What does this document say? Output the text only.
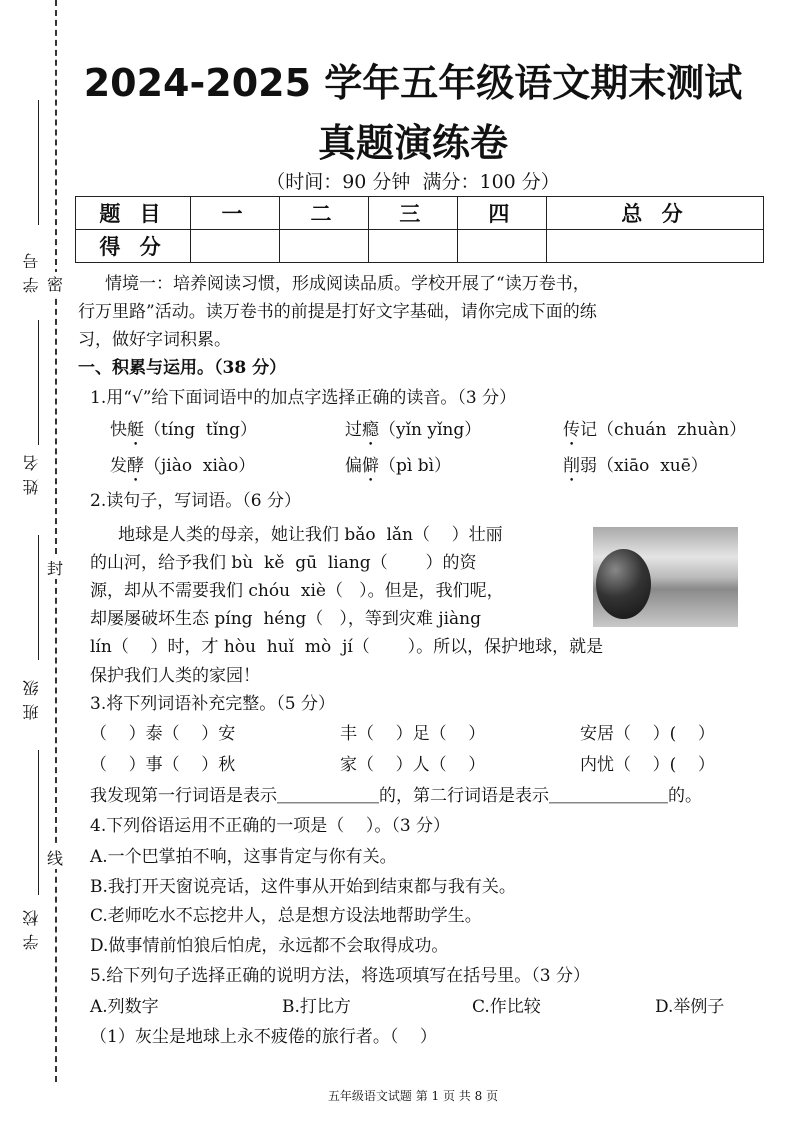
学号
姓名
班级
学校
密
封
线
2024-2025 学年五年级语文期末测试
真题演练卷
（时间：90 分钟  满分：100 分）
题 目	一	二	三	四	总 分
得 分					
情境一：培养阅读习惯，形成阅读品质。学校开展了“读万卷书，
行万里路”活动。读万卷书的前提是打好文字基础，请你完成下面的练
习，做好字词积累。
一、积累与运用。（38 分）
1.用“√”给下面词语中的加点字选择正确的读音。（3 分）
快艇（tíng  tǐng）	过瘾（yǐn yǐng）	传记（chuán  zhuàn）
发酵（jiào  xiào）	偏僻（pì bì）	削弱（xiāo  xuē）
2.读句子，写词语。（6 分）
地球是人类的母亲，她让我们 bǎo  lǎn（    ）壮丽
的山河，给予我们 bù  kě  gū  liang（       ）的资
源，却从不需要我们 chóu  xiè（   ）。但是，我们呢，
却屡屡破坏生态 píng  héng（   ），等到灾难 jiàng
lín（    ）时，才 hòu  huǐ  mò  jí（       ）。所以，保护地球，就是
保护我们人类的家园！
3.将下列词语补充完整。（5 分）
（    ）泰（    ）安	丰（    ）足（    ）	安居（    ）(    ）
（    ）事（    ）秋	家（    ）人（    ）	内忧（    ）(    ）
我发现第一行词语是表示＿＿＿＿＿＿的，第二行词语是表示＿＿＿＿＿＿＿的。
4.下列俗语运用不正确的一项是（    ）。（3 分）
A.一个巴掌拍不响，这事肯定与你有关。
B.我打开天窗说亮话，这件事从开始到结束都与我有关。
C.老师吃水不忘挖井人，总是想方设法地帮助学生。
D.做事情前怕狼后怕虎，永远都不会取得成功。
5.给下列句子选择正确的说明方法，将选项填写在括号里。（3 分）
A.列数字	B.打比方	C.作比较	D.举例子
（1）灰尘是地球上永不疲倦的旅行者。（    ）
五年级语文试题 第 1 页 共 8 页
